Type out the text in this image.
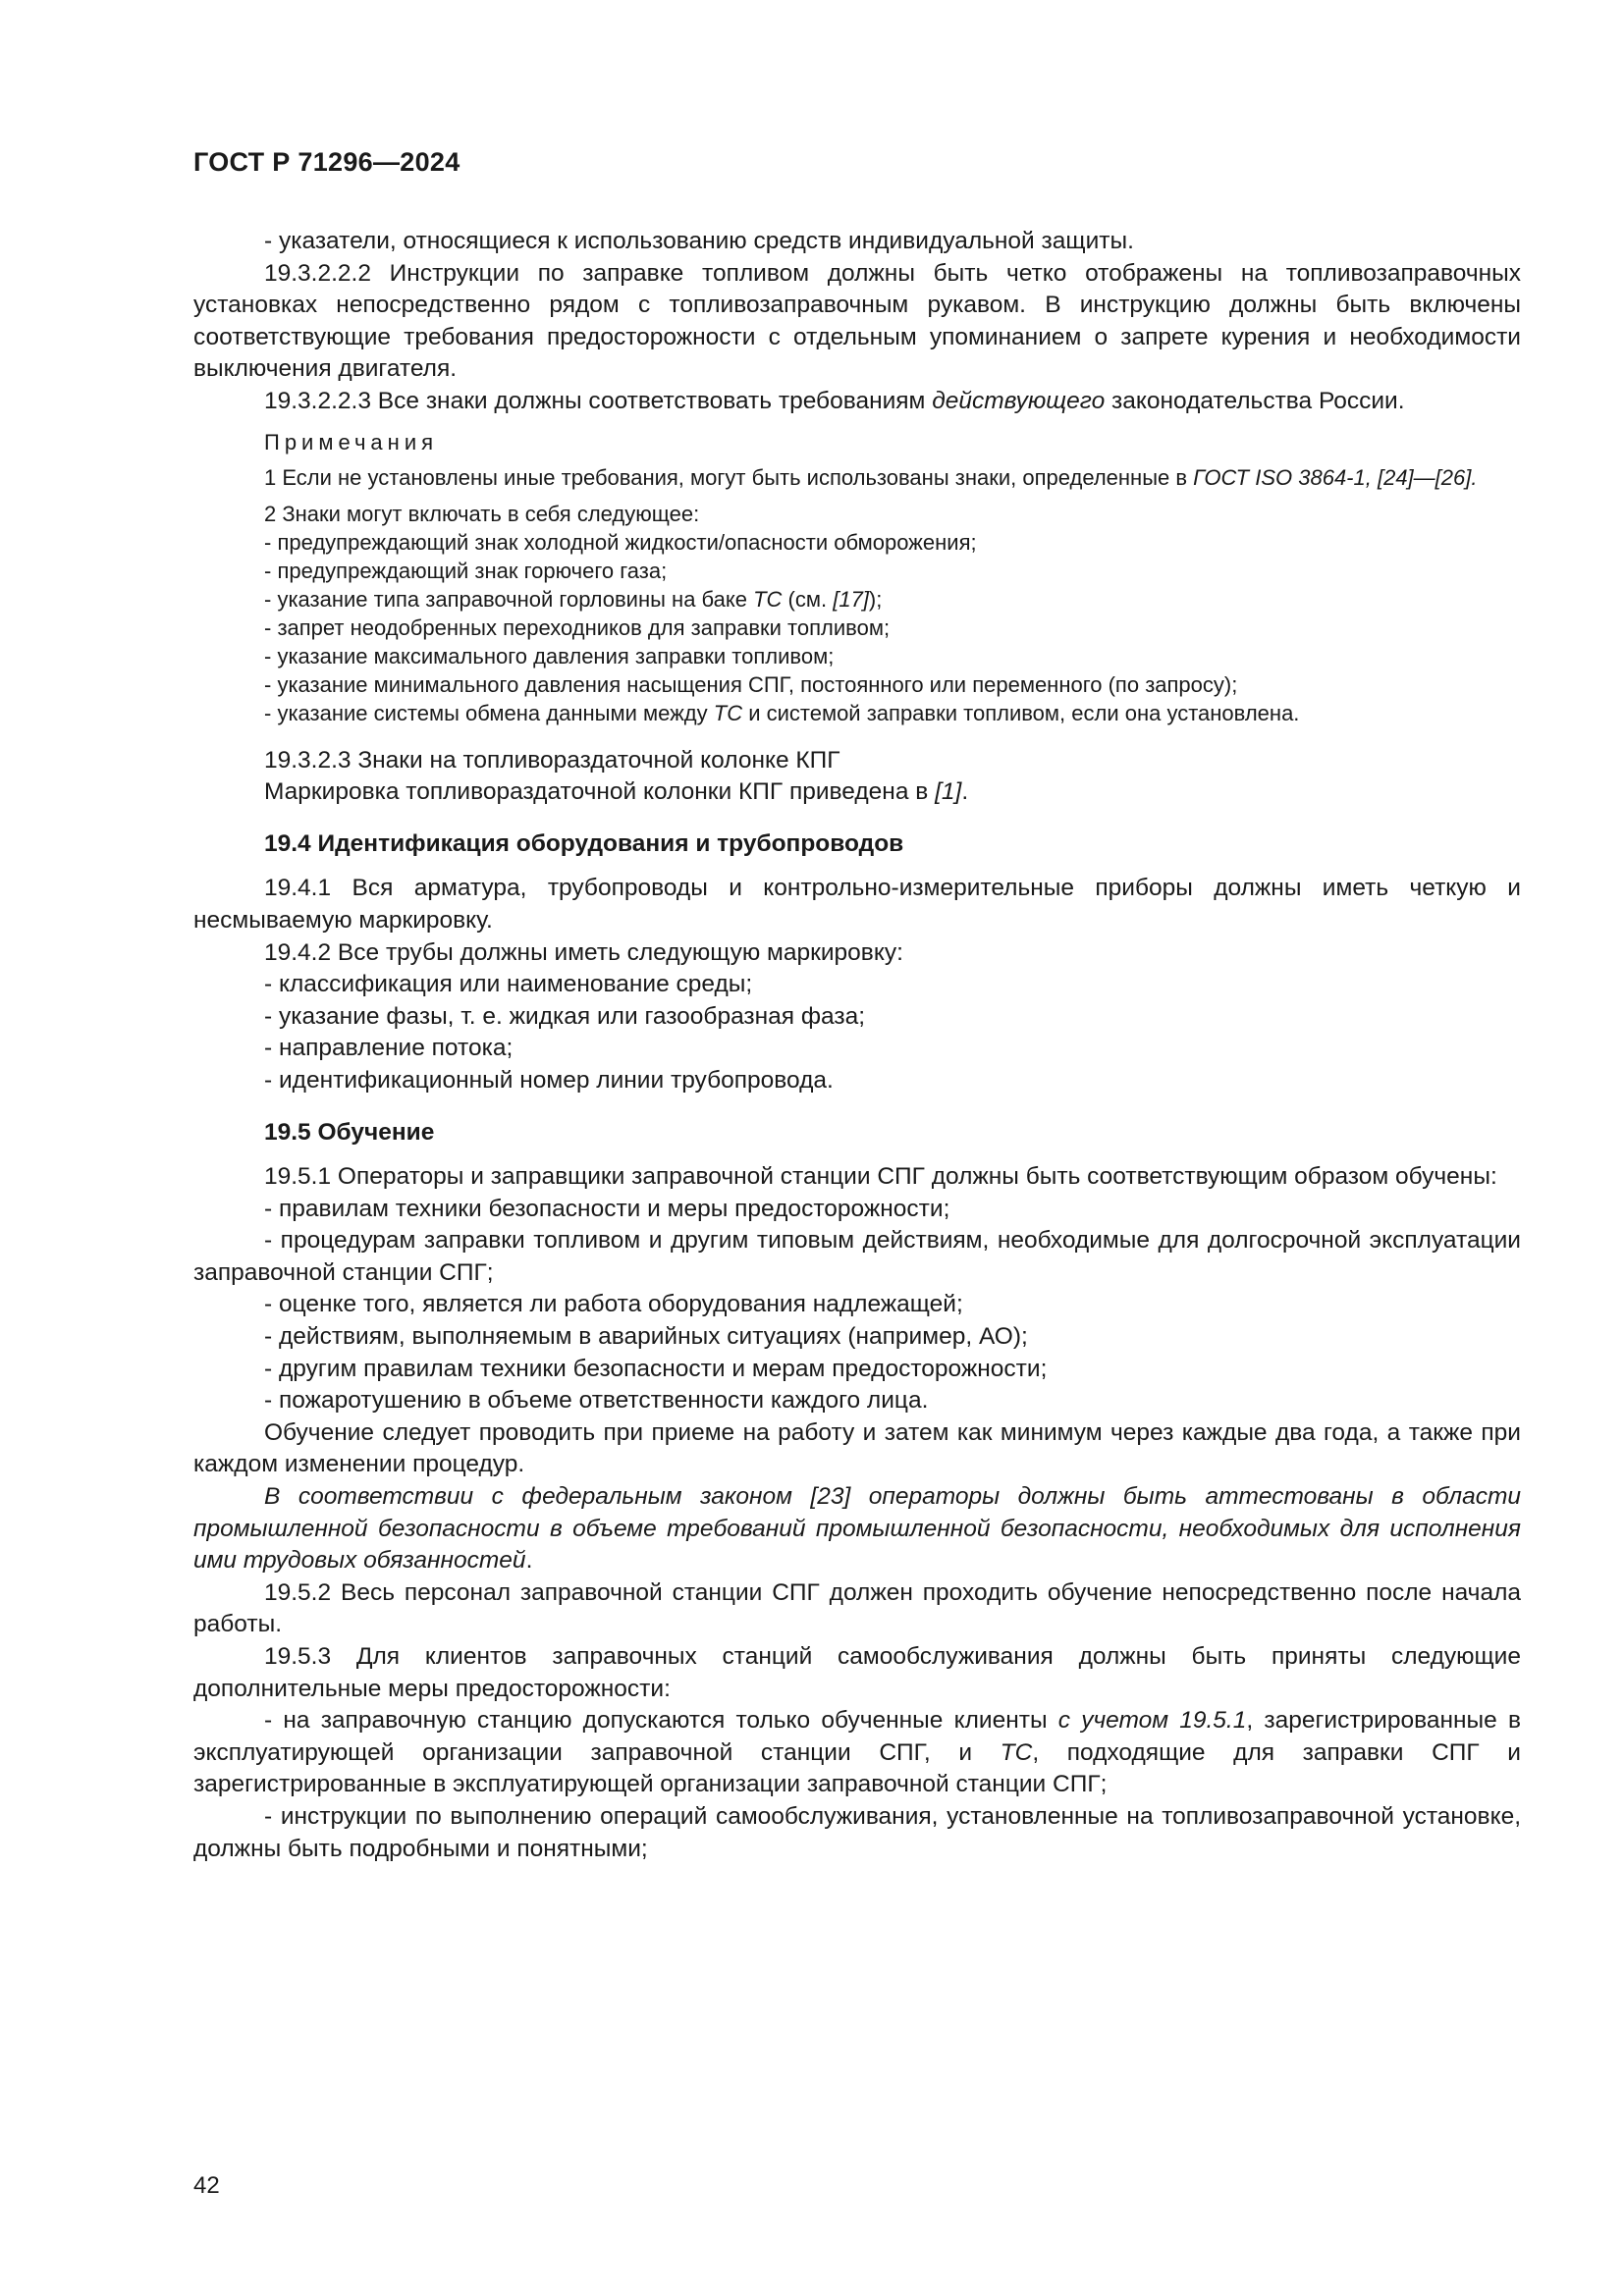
ГОСТ Р 71296—2024

- указатели, относящиеся к использованию средств индивидуальной защиты.

19.3.2.2.2 Инструкции по заправке топливом должны быть четко отображены на топливозаправочных установках непосредственно рядом с топливозаправочным рукавом. В инструкцию должны быть включены соответствующие требования предосторожности с отдельным упоминанием о запрете курения и необходимости выключения двигателя.

19.3.2.2.3 Все знаки должны соответствовать требованиям действующего законодательства России.

Примечания

1 Если не установлены иные требования, могут быть использованы знаки, определенные в ГОСТ ISO 3864-1, [24]—[26].

2 Знаки могут включать в себя следующее:

- предупреждающий знак холодной жидкости/опасности обморожения;

- предупреждающий знак горючего газа;

- указание типа заправочной горловины на баке ТС (см. [17]);

- запрет неодобренных переходников для заправки топливом;

- указание максимального давления заправки топливом;

- указание минимального давления насыщения СПГ, постоянного или переменного (по запросу);

- указание системы обмена данными между ТС и системой заправки топливом, если она установлена.

19.3.2.3 Знаки на топливораздаточной колонке КПГ

Маркировка топливораздаточной колонки КПГ приведена в [1].

19.4 Идентификация оборудования и трубопроводов

19.4.1 Вся арматура, трубопроводы и контрольно-измерительные приборы должны иметь четкую и несмываемую маркировку.

19.4.2 Все трубы должны иметь следующую маркировку:

- классификация или наименование среды;

- указание фазы, т. е. жидкая или газообразная фаза;

- направление потока;

- идентификационный номер линии трубопровода.

19.5 Обучение

19.5.1 Операторы и заправщики заправочной станции СПГ должны быть соответствующим образом обучены:

- правилам техники безопасности и меры предосторожности;

- процедурам заправки топливом и другим типовым действиям, необходимые для долгосрочной эксплуатации заправочной станции СПГ;

- оценке того, является ли работа оборудования надлежащей;

- действиям, выполняемым в аварийных ситуациях (например, АО);

- другим правилам техники безопасности и мерам предосторожности;

- пожаротушению в объеме ответственности каждого лица.

Обучение следует проводить при приеме на работу и затем как минимум через каждые два года, а также при каждом изменении процедур.

В соответствии с федеральным законом [23] операторы должны быть аттестованы в области промышленной безопасности в объеме требований промышленной безопасности, необходимых для исполнения ими трудовых обязанностей.

19.5.2 Весь персонал заправочной станции СПГ должен проходить обучение непосредственно после начала работы.

19.5.3 Для клиентов заправочных станций самообслуживания должны быть приняты следующие дополнительные меры предосторожности:

- на заправочную станцию допускаются только обученные клиенты с учетом 19.5.1, зарегистрированные в эксплуатирующей организации заправочной станции СПГ, и ТС, подходящие для заправки СПГ и зарегистрированные в эксплуатирующей организации заправочной станции СПГ;

- инструкции по выполнению операций самообслуживания, установленные на топливозаправочной установке, должны быть подробными и понятными;

42
